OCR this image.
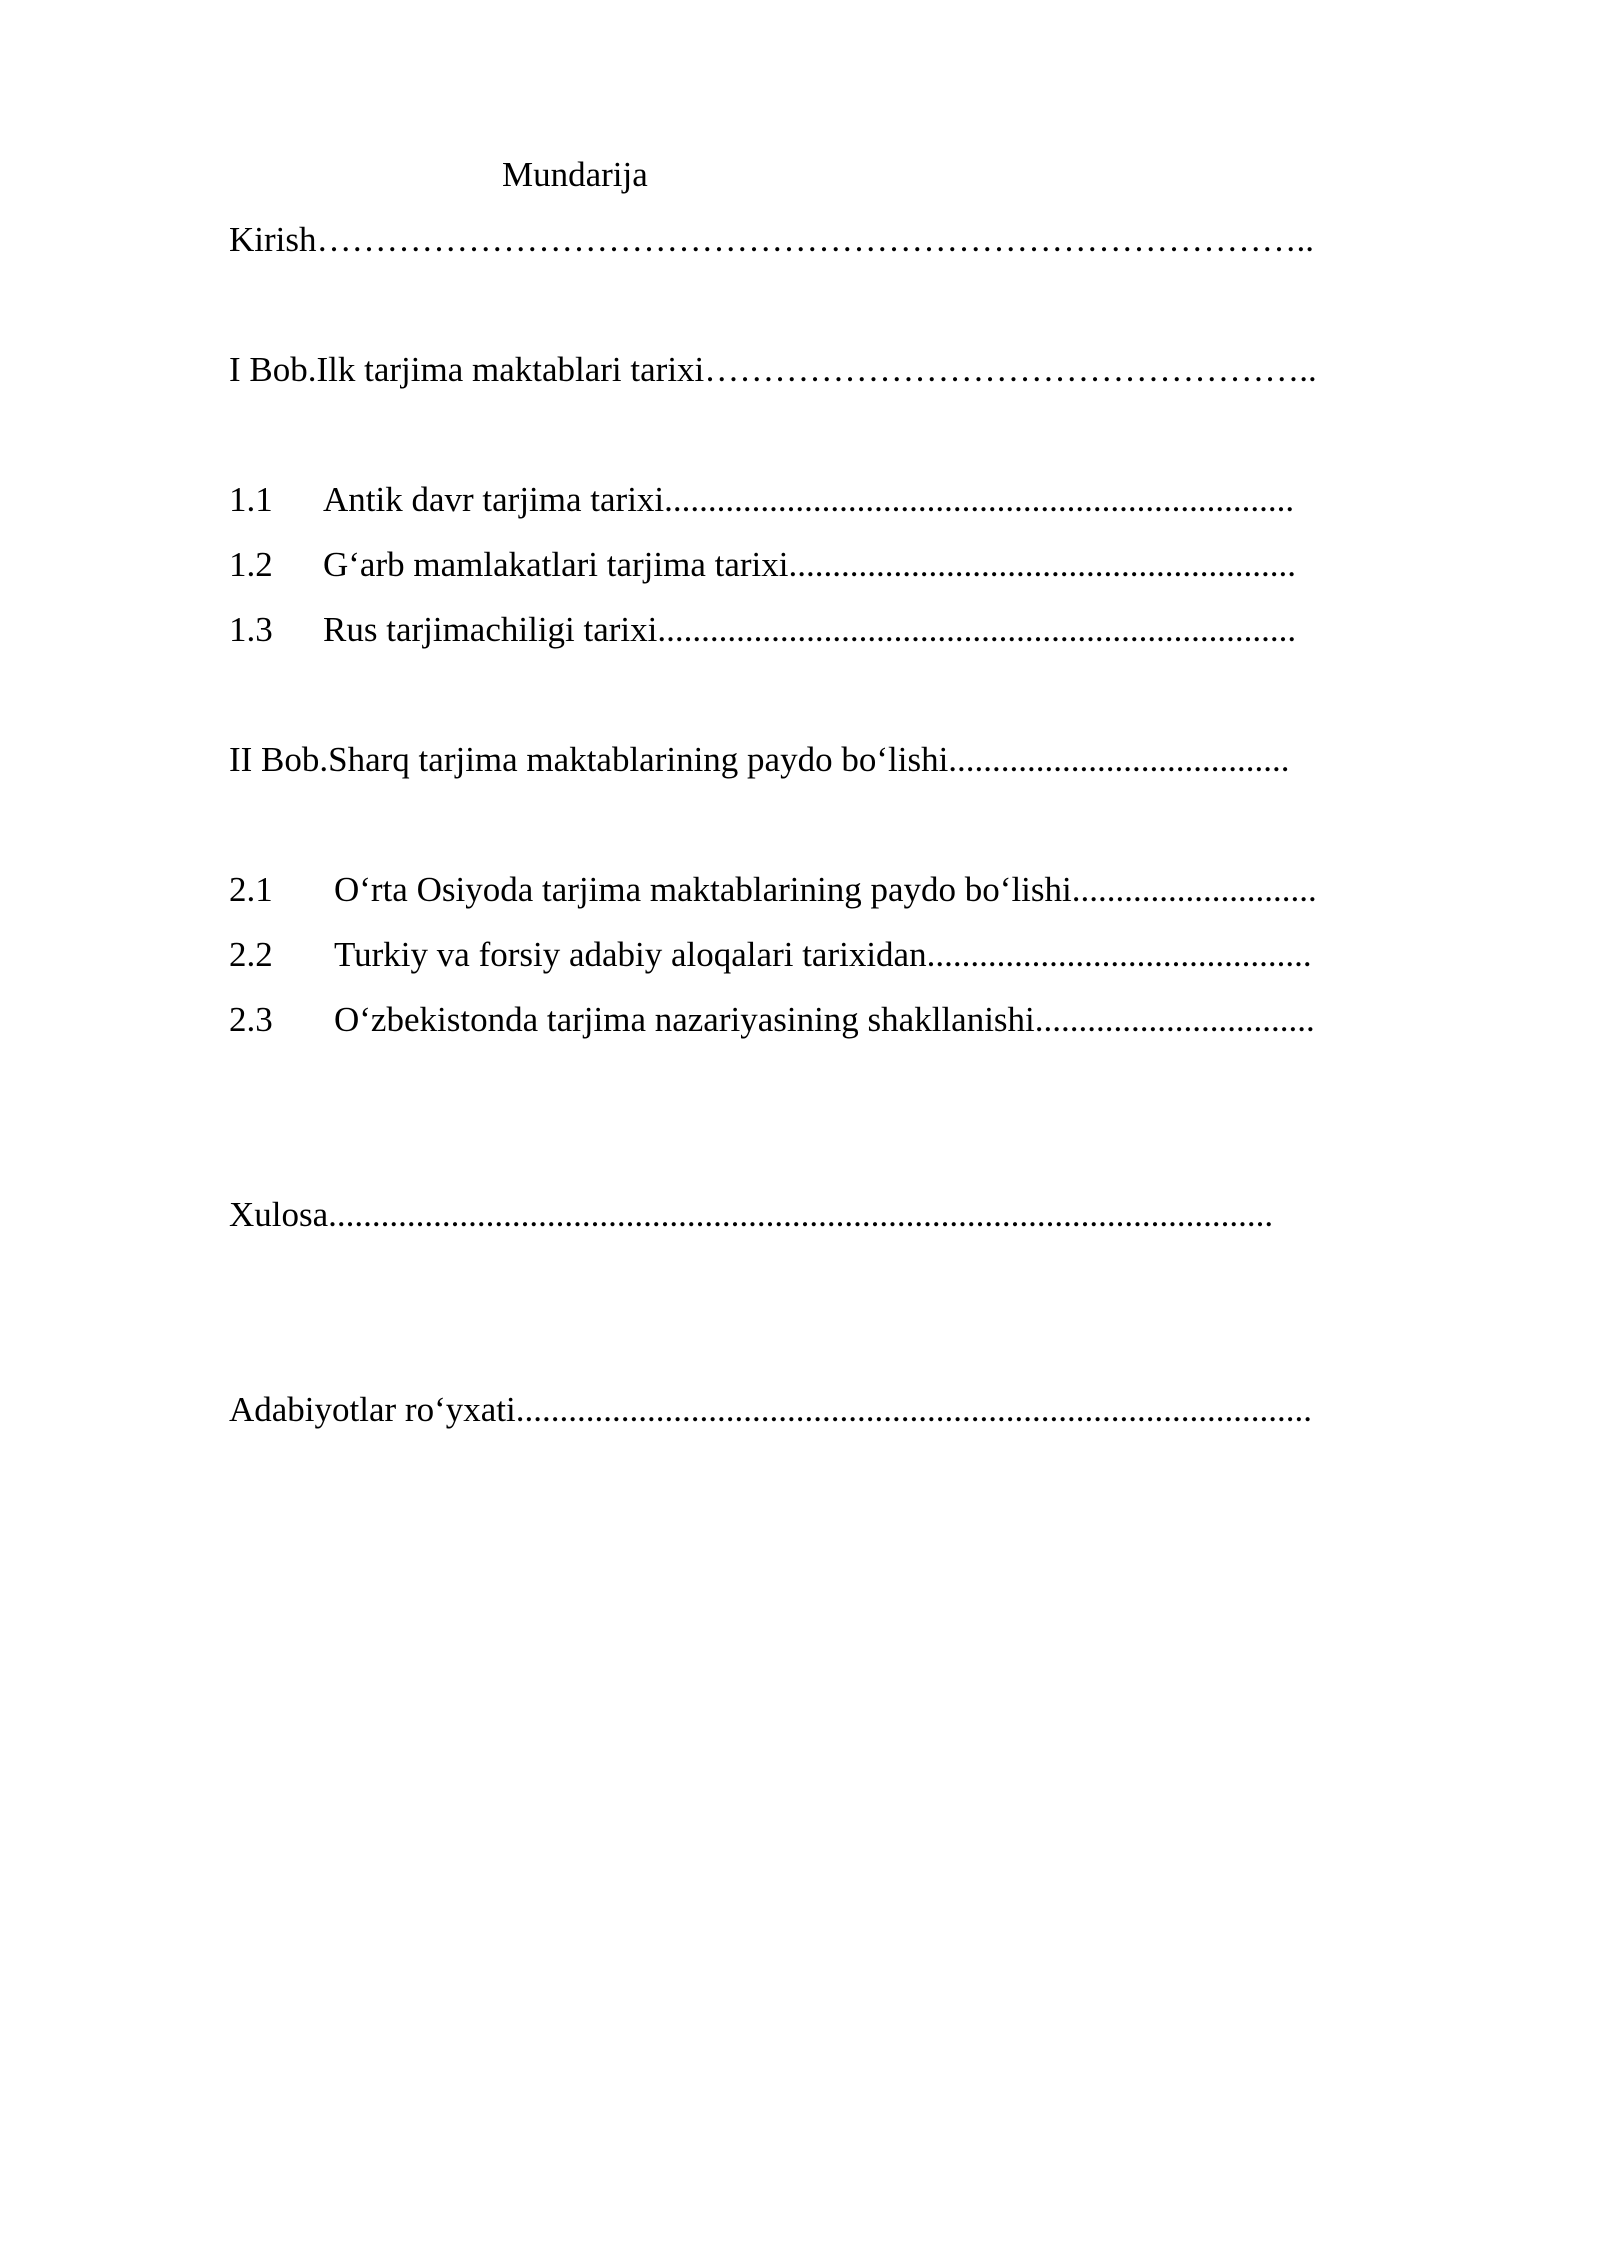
Mundarija
Kirish…………………………………………………………………………..
I Bob.Ilk tarjima maktablari tarixi……………………………………………..
1.1 Antik davr tarjima tarixi........................................................................
1.2 G‘arb mamlakatlari tarjima tarixi..........................................................
1.3 Rus tarjimachiligi tarixi.........................................................................
II Bob.Sharq tarjima maktablarining paydo bo‘lishi.......................................
2.1 O‘rta Osiyoda tarjima maktablarining paydo bo‘lishi............................
2.2 Turkiy va forsiy adabiy aloqalari tarixidan............................................
2.3 O‘zbekistonda tarjima nazariyasining shakllanishi................................
Xulosa............................................................................................................
Adabiyotlar ro‘yxati...........................................................................................
